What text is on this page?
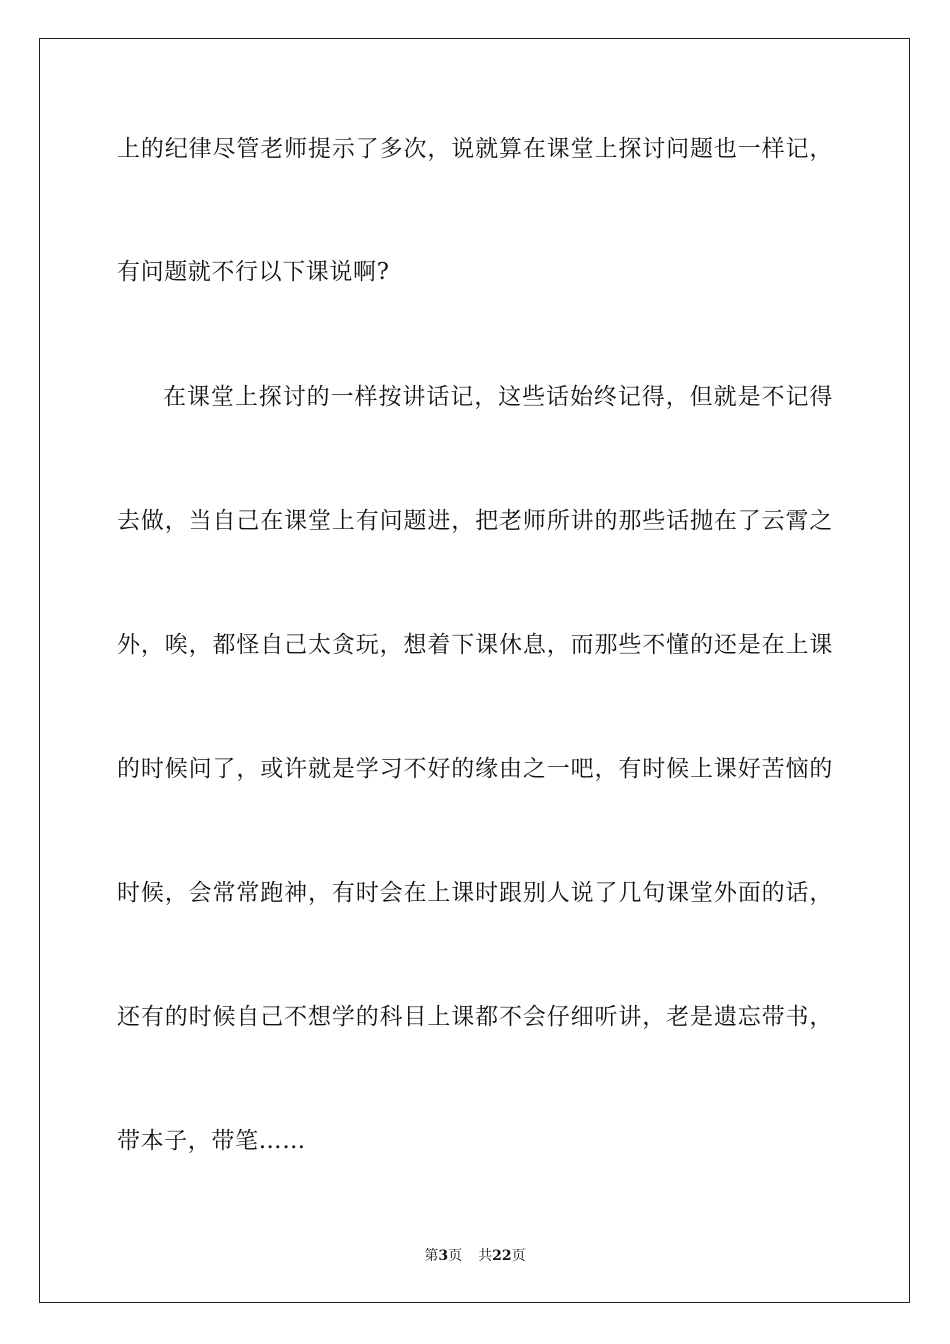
上的纪律尽管老师提示了多次，说就算在课堂上探讨问题也一样记，
有问题就不行以下课说啊?
在课堂上探讨的一样按讲话记，这些话始终记得，但就是不记得
去做，当自己在课堂上有问题进，把老师所讲的那些话抛在了云霄之
外，唉，都怪自己太贪玩，想着下课休息，而那些不懂的还是在上课
的时候问了，或许就是学习不好的缘由之一吧，有时候上课好苦恼的
时候，会常常跑神，有时会在上课时跟别人说了几句课堂外面的话，
还有的时候自己不想学的科目上课都不会仔细听讲，老是遗忘带书，
带本子，带笔……
第3页 共22页
